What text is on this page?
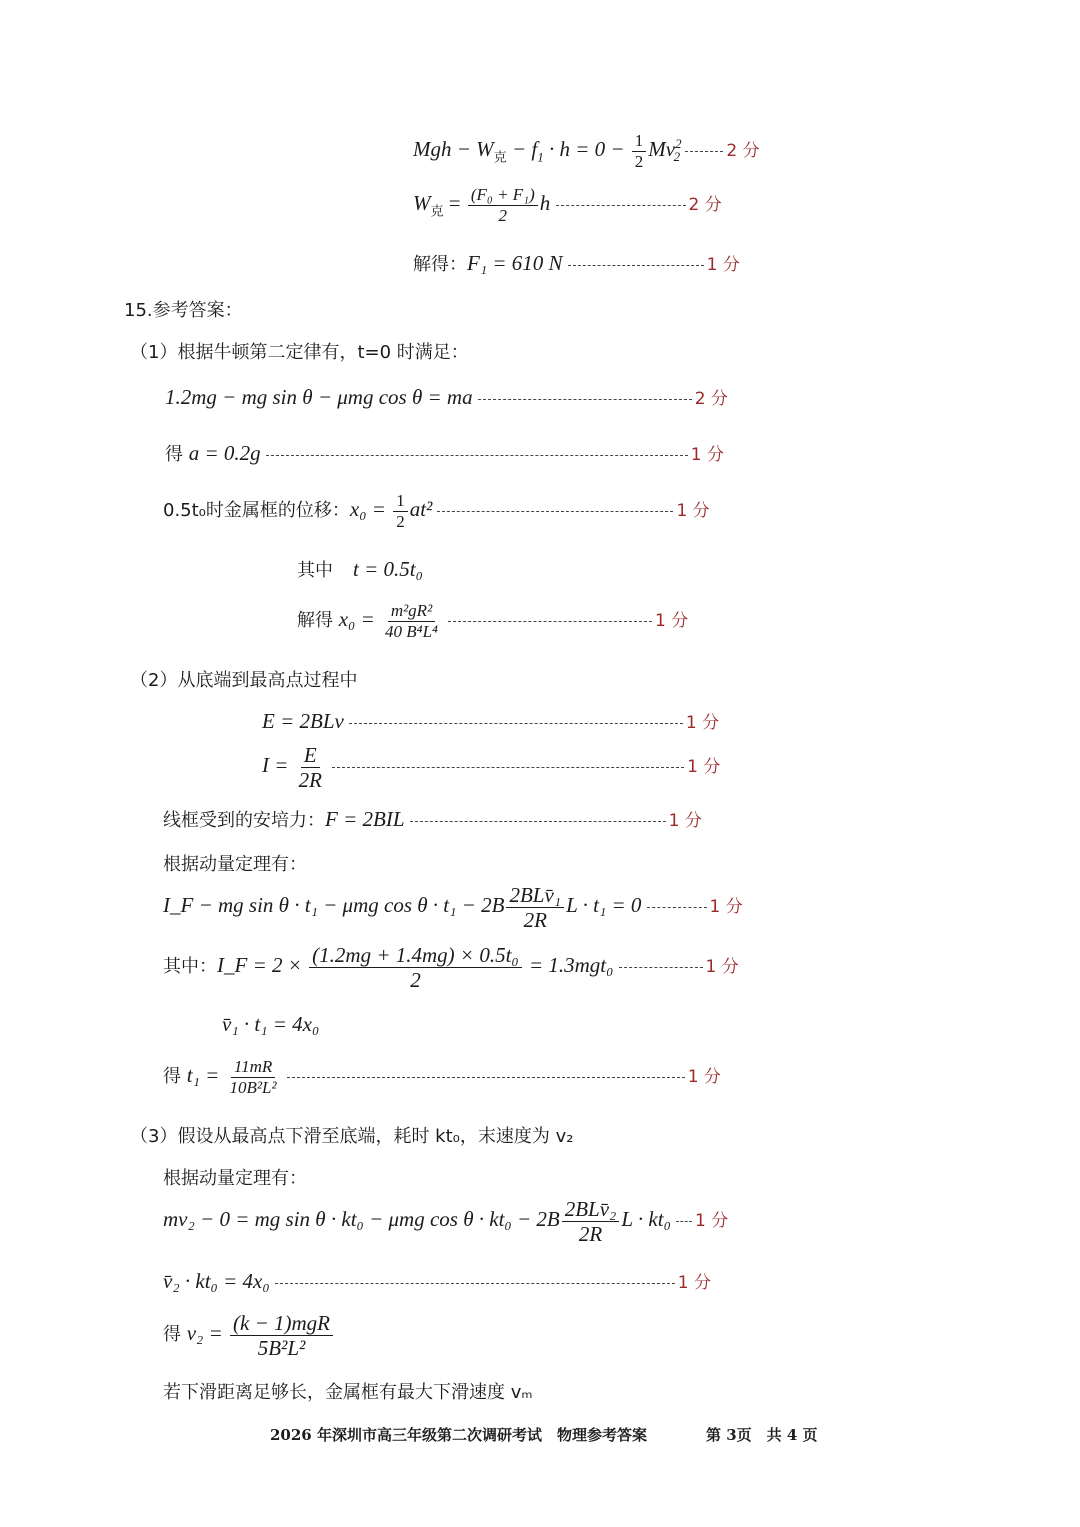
Mgh − $W_克 - f_1 \cdot h = 0 - \frac{1}{2} Mv^2_2$	2 分
$W_克 = \frac{\text{(F₀ + F₁)}}{2}$ h	2 分
解得：F₁ = 610 N	1 分
15.参考答案：
（1）根据牛顿第二定律有，t=0 时满足：
1.2mg − mg sin θ − μmg cos θ = ma	2 分
得 a = 0.2g	1 分
0.5t₀时金属框的位移：$x_0 = \frac{1}{2} at^2$	1 分
其中 t = 0.5t₀
解得 $x_0 = \frac{\text{m²gR²}}{\text{40 B⁴L⁴}}$	1 分
（2）从底端到最高点过程中
E = 2BLv	1 分
$I = \frac{E}{2R}$	1 分
线框受到的安培力：F = 2BIL	1 分
根据动量定理有：
I_F − mg sin θ · t₁ − μmg $\cos \theta \cdot t_1 - 2B \frac{\text{2BLv̄₁}}{2R}$ L · t₁ = 0	1 分
其中：I_F = $2 \times \frac{\text{(1.2mg + 1.4mg) × 0.5t₀}}{2} = 1.3mgt_0$	1 分
v̄₁ · t₁ = 4x₀
得 $t_1 = \frac{11mR}{\text{10B²L²}}$	1 分
（3）假设从最高点下滑至底端，耗时 kt₀，末速度为 v₂
根据动量定理有：
mv₂ − 0 = mg sin θ · kt₀ − μmg $\cos \theta \cdot kt_0 - 2B \frac{\text{2BLv̄₂}}{2R}$ L · kt₀ 1 分
v̄₂ · kt₀ = 4x₀	1 分
得 $v_2 = \frac{\text{(k − 1)mgR}}{\text{5B²L²}}$
若下滑距离足够长，金属框有最大下滑速度 vₘ
2026 年深圳市高三年级第二次调研考试　物理参考答案	第 3页　共 4 页
